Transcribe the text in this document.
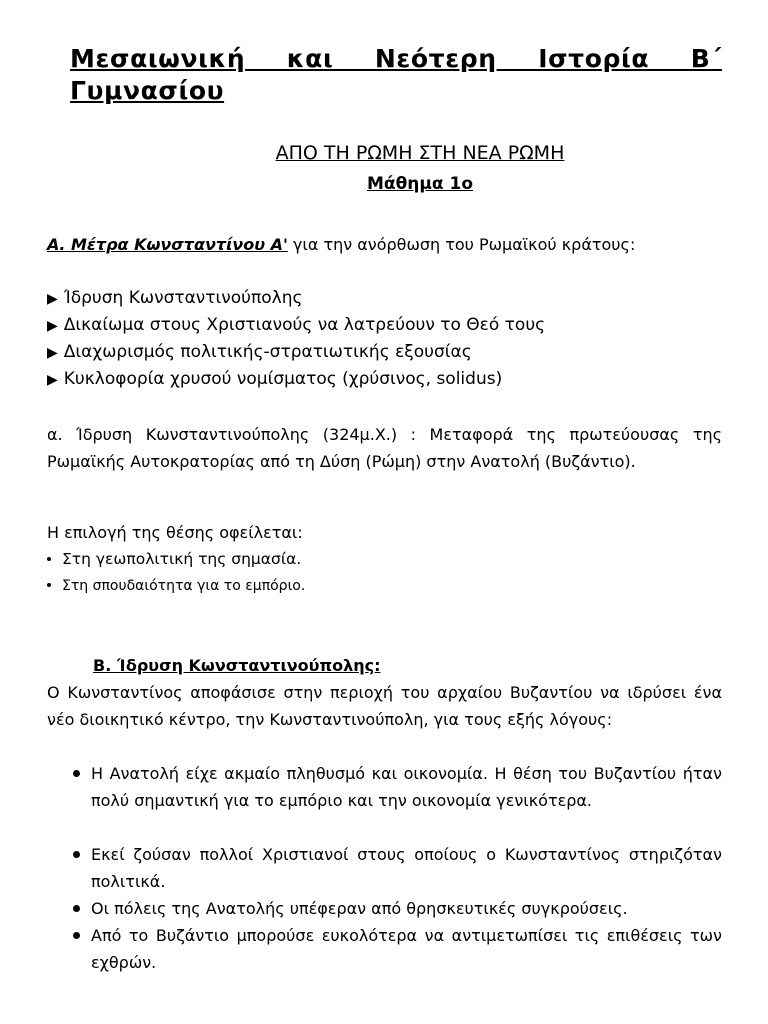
Μεσαιωνική και Νεότερη Ιστορία Β΄
Γυμνασίου
ΑΠΟ ΤΗ ΡΩΜΗ ΣΤΗ ΝΕΑ ΡΩΜΗ
Μάθημα 1ο
Α. Μέτρα Κωνσταντίνου Α' για την ανόρθωση του Ρωμαϊκού κράτους:
▶ Ίδρυση Κωνσταντινούπολης
▶ Δικαίωμα στους Χριστιανούς να λατρεύουν το Θεό τους
▶ Διαχωρισμός πολιτικής-στρατιωτικής εξουσίας
▶ Κυκλοφορία χρυσού νομίσματος (χρύσινος, solidus)
α. Ίδρυση Κωνσταντινούπολης (324μ.Χ.) : Μεταφορά της πρωτεύουσας της Ρωμαϊκής Αυτοκρατορίας από τη Δύση (Ρώμη) στην Ανατολή (Βυζάντιο).
Η επιλογή της θέσης οφείλεται:
Στη γεωπολιτική της σημασία.
Στη σπουδαιότητα για το εμπόριο.
Β. Ίδρυση Κωνσταντινούπολης:
Ο Κωνσταντίνος αποφάσισε στην περιοχή του αρχαίου Βυζαντίου να ιδρύσει ένα νέο διοικητικό κέντρο, την Κωνσταντινούπολη, για τους εξής λόγους:
Η Ανατολή είχε ακμαίο πληθυσμό και οικονομία. Η θέση του Βυζαντίου ήταν πολύ σημαντική για το εμπόριο και την οικονομία γενικότερα.
Εκεί ζούσαν πολλοί Χριστιανοί στους οποίους ο Κωνσταντίνος στηριζόταν πολιτικά.
Οι πόλεις της Ανατολής υπέφεραν από θρησκευτικές συγκρούσεις.
Από το Βυζάντιο μπορούσε ευκολότερα να αντιμετωπίσει τις επιθέσεις των εχθρών.
